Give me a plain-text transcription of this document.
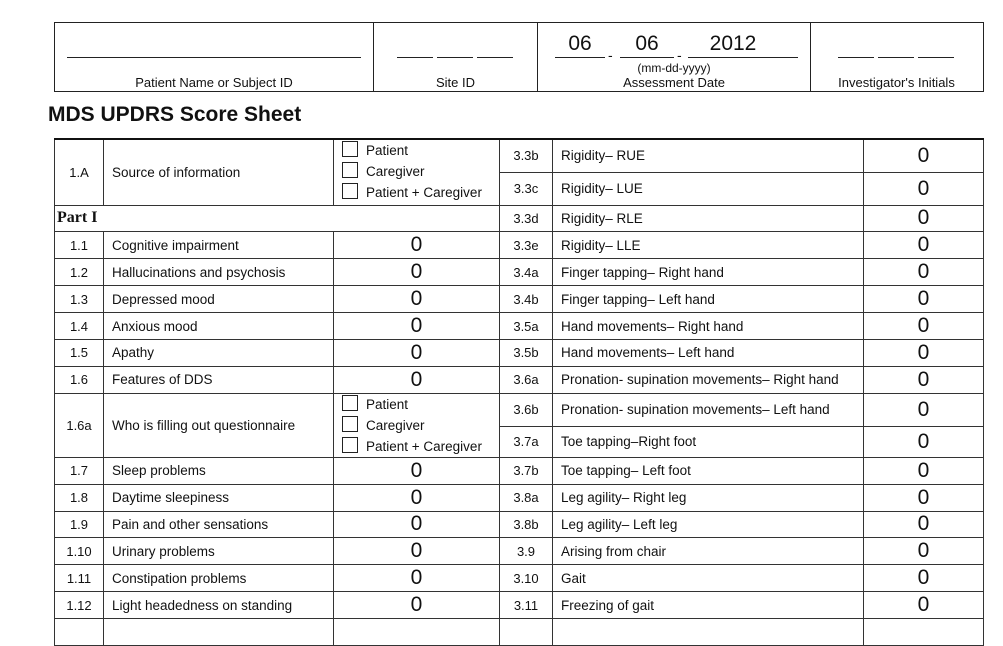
Patient Name or Subject ID	Site ID
06	-	06	-	2012
(mm-dd-yyyy)
Assessment Date	Investigator's Initials
MDS UPDRS Score Sheet
1.A	Source of information	Patient
Caregiver
Patient + Caregiver	3.3b	Rigidity– RUE	0
			3.3c	Rigidity– LUE	0
Part I			3.3d	Rigidity– RLE	0
1.1	Cognitive impairment	0	3.3e	Rigidity– LLE	0
1.2	Hallucinations and psychosis	0	3.4a	Finger tapping– Right hand	0
1.3	Depressed mood	0	3.4b	Finger tapping– Left hand	0
1.4	Anxious mood	0	3.5a	Hand movements– Right hand	0
1.5	Apathy	0	3.5b	Hand movements– Left hand	0
1.6	Features of DDS	0	3.6a	Pronation- supination movements– Right hand	0
1.6a	Who is filling out questionnaire	Patient
Caregiver
Patient + Caregiver	3.6b	Pronation- supination movements– Left hand	0
			3.7a	Toe tapping–Right foot	0
1.7	Sleep problems	0	3.7b	Toe tapping– Left foot	0
1.8	Daytime sleepiness	0	3.8a	Leg agility– Right leg	0
1.9	Pain and other sensations	0	3.8b	Leg agility– Left leg	0
1.10	Urinary problems	0	3.9	Arising from chair	0
1.11	Constipation problems	0	3.10	Gait	0
1.12	Light headedness on standing	0	3.11	Freezing of gait	0
